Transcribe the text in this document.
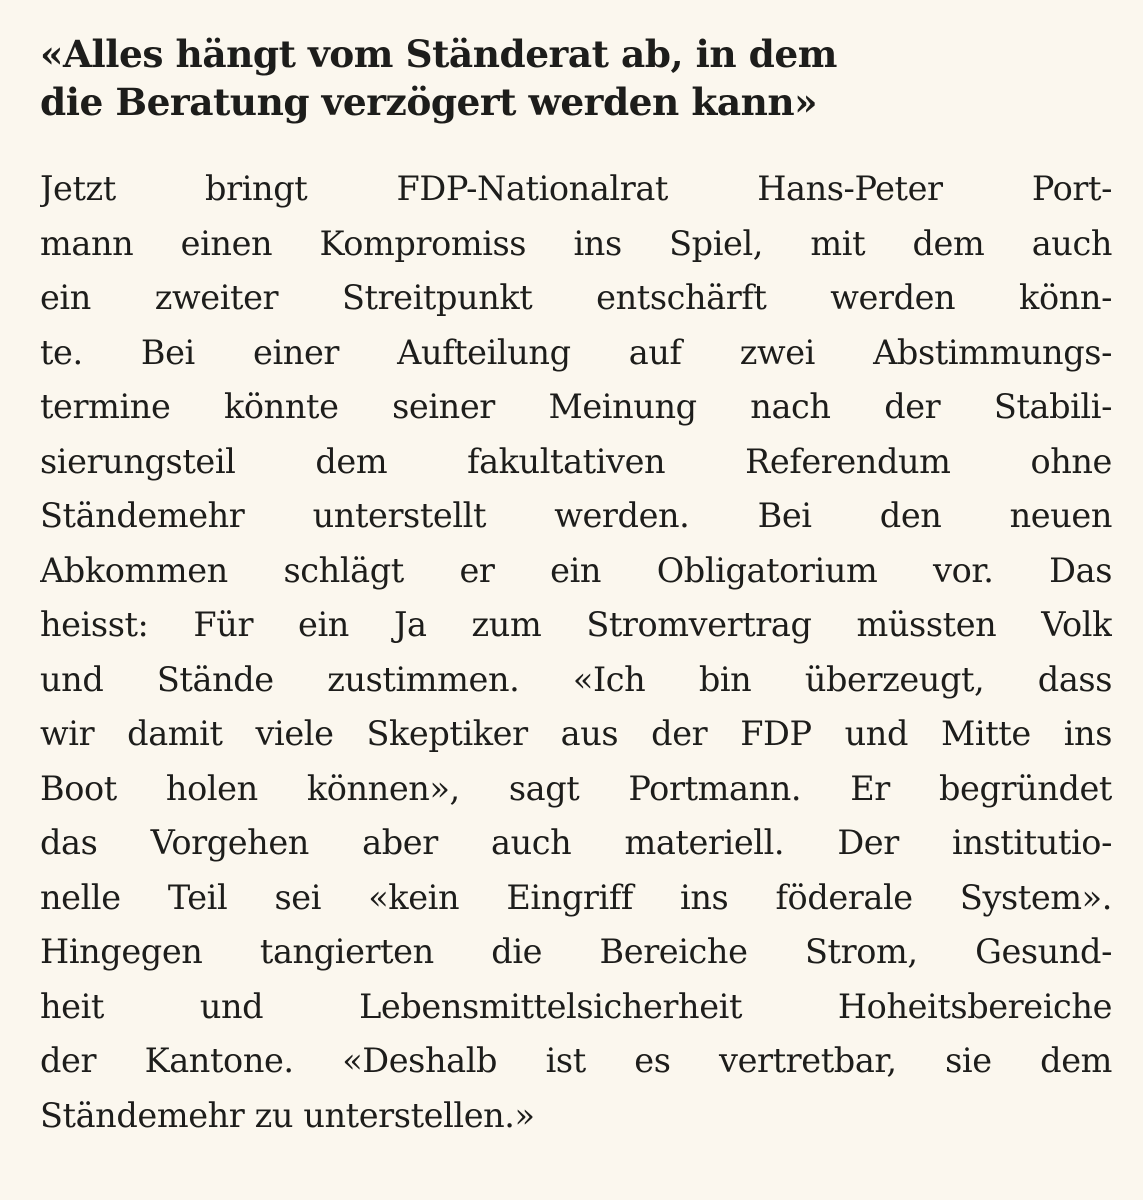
«Alles hängt vom Ständerat ab, in dem
die Beratung verzögert werden kann»
Jetzt bringt FDP-Nationalrat Hans-Peter Port-
mann einen Kompromiss ins Spiel, mit dem auch
ein zweiter Streitpunkt entschärft werden könn-
te. Bei einer Aufteilung auf zwei Abstimmungs-
termine könnte seiner Meinung nach der Stabili-
sierungsteil dem fakultativen Referendum ohne
Ständemehr unterstellt werden. Bei den neuen
Abkommen schlägt er ein Obligatorium vor. Das
heisst: Für ein Ja zum Stromvertrag müssten Volk
und Stände zustimmen. «Ich bin überzeugt, dass
wir damit viele Skeptiker aus der FDP und Mitte ins
Boot holen können», sagt Portmann. Er begründet
das Vorgehen aber auch materiell. Der institutio-
nelle Teil sei «kein Eingriff ins föderale System».
Hingegen tangierten die Bereiche Strom, Gesund-
heit und Lebensmittelsicherheit Hoheitsbereiche
der Kantone. «Deshalb ist es vertretbar, sie dem
Ständemehr zu unterstellen.»
